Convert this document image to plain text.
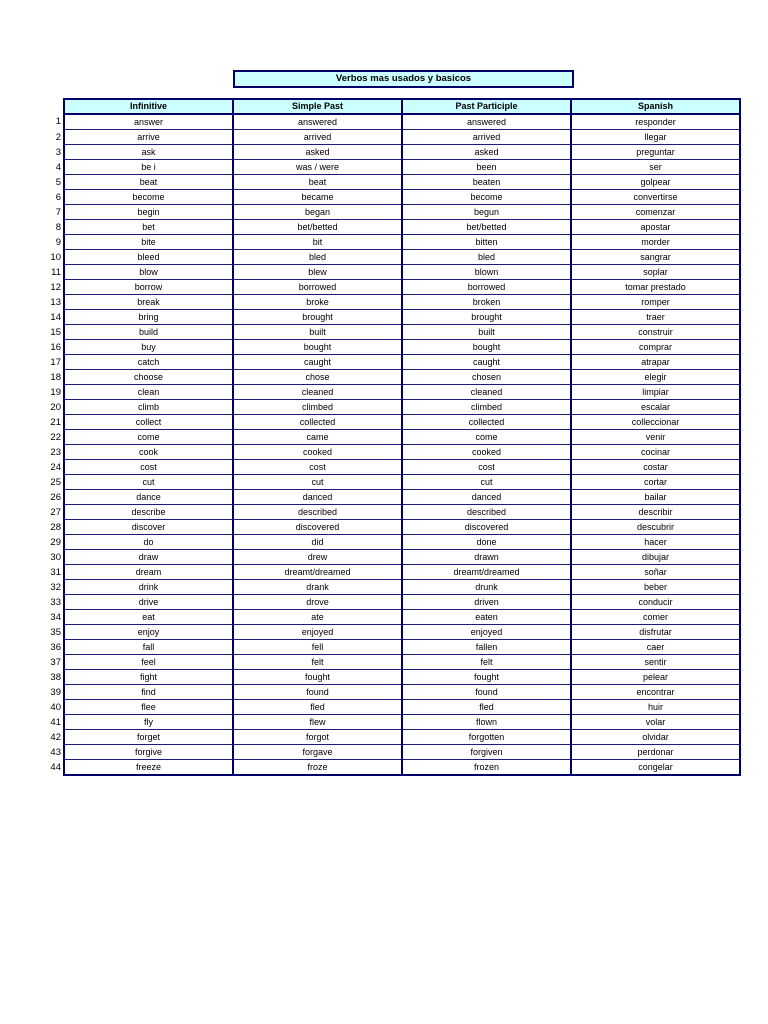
Verbos mas usados y basicos
	Infinitive	Simple Past	Past Participle	Spanish
1	answer	answered	answered	responder
2	arrive	arrived	arrived	llegar
3	ask	asked	asked	preguntar
4	be i	was / were	been	ser
5	beat	beat	beaten	golpear
6	become	became	become	convertirse
7	begin	began	begun	comenzar
8	bet	bet/betted	bet/betted	apostar
9	bite	bit	bitten	morder
10	bleed	bled	bled	sangrar
11	blow	blew	blown	soplar
12	borrow	borrowed	borrowed	tomar prestado
13	break	broke	broken	romper
14	bring	brought	brought	traer
15	build	built	built	construir
16	buy	bought	bought	comprar
17	catch	caught	caught	atrapar
18	choose	chose	chosen	elegir
19	clean	cleaned	cleaned	limpiar
20	climb	climbed	climbed	escalar
21	collect	collected	collected	colleccionar
22	come	came	come	venir
23	cook	cooked	cooked	cocinar
24	cost	cost	cost	costar
25	cut	cut	cut	cortar
26	dance	danced	danced	bailar
27	describe	described	described	describir
28	discover	discovered	discovered	descubrir
29	do	did	done	hacer
30	draw	drew	drawn	dibujar
31	dream	dreamt/dreamed	dreamt/dreamed	soñar
32	drink	drank	drunk	beber
33	drive	drove	driven	conducir
34	eat	ate	eaten	comer
35	enjoy	enjoyed	enjoyed	disfrutar
36	fall	fell	fallen	caer
37	feel	felt	felt	sentir
38	fight	fought	fought	pelear
39	find	found	found	encontrar
40	flee	fled	fled	huir
41	fly	flew	flown	volar
42	forget	forgot	forgotten	olvidar
43	forgive	forgave	forgiven	perdonar
44	freeze	froze	frozen	congelar
